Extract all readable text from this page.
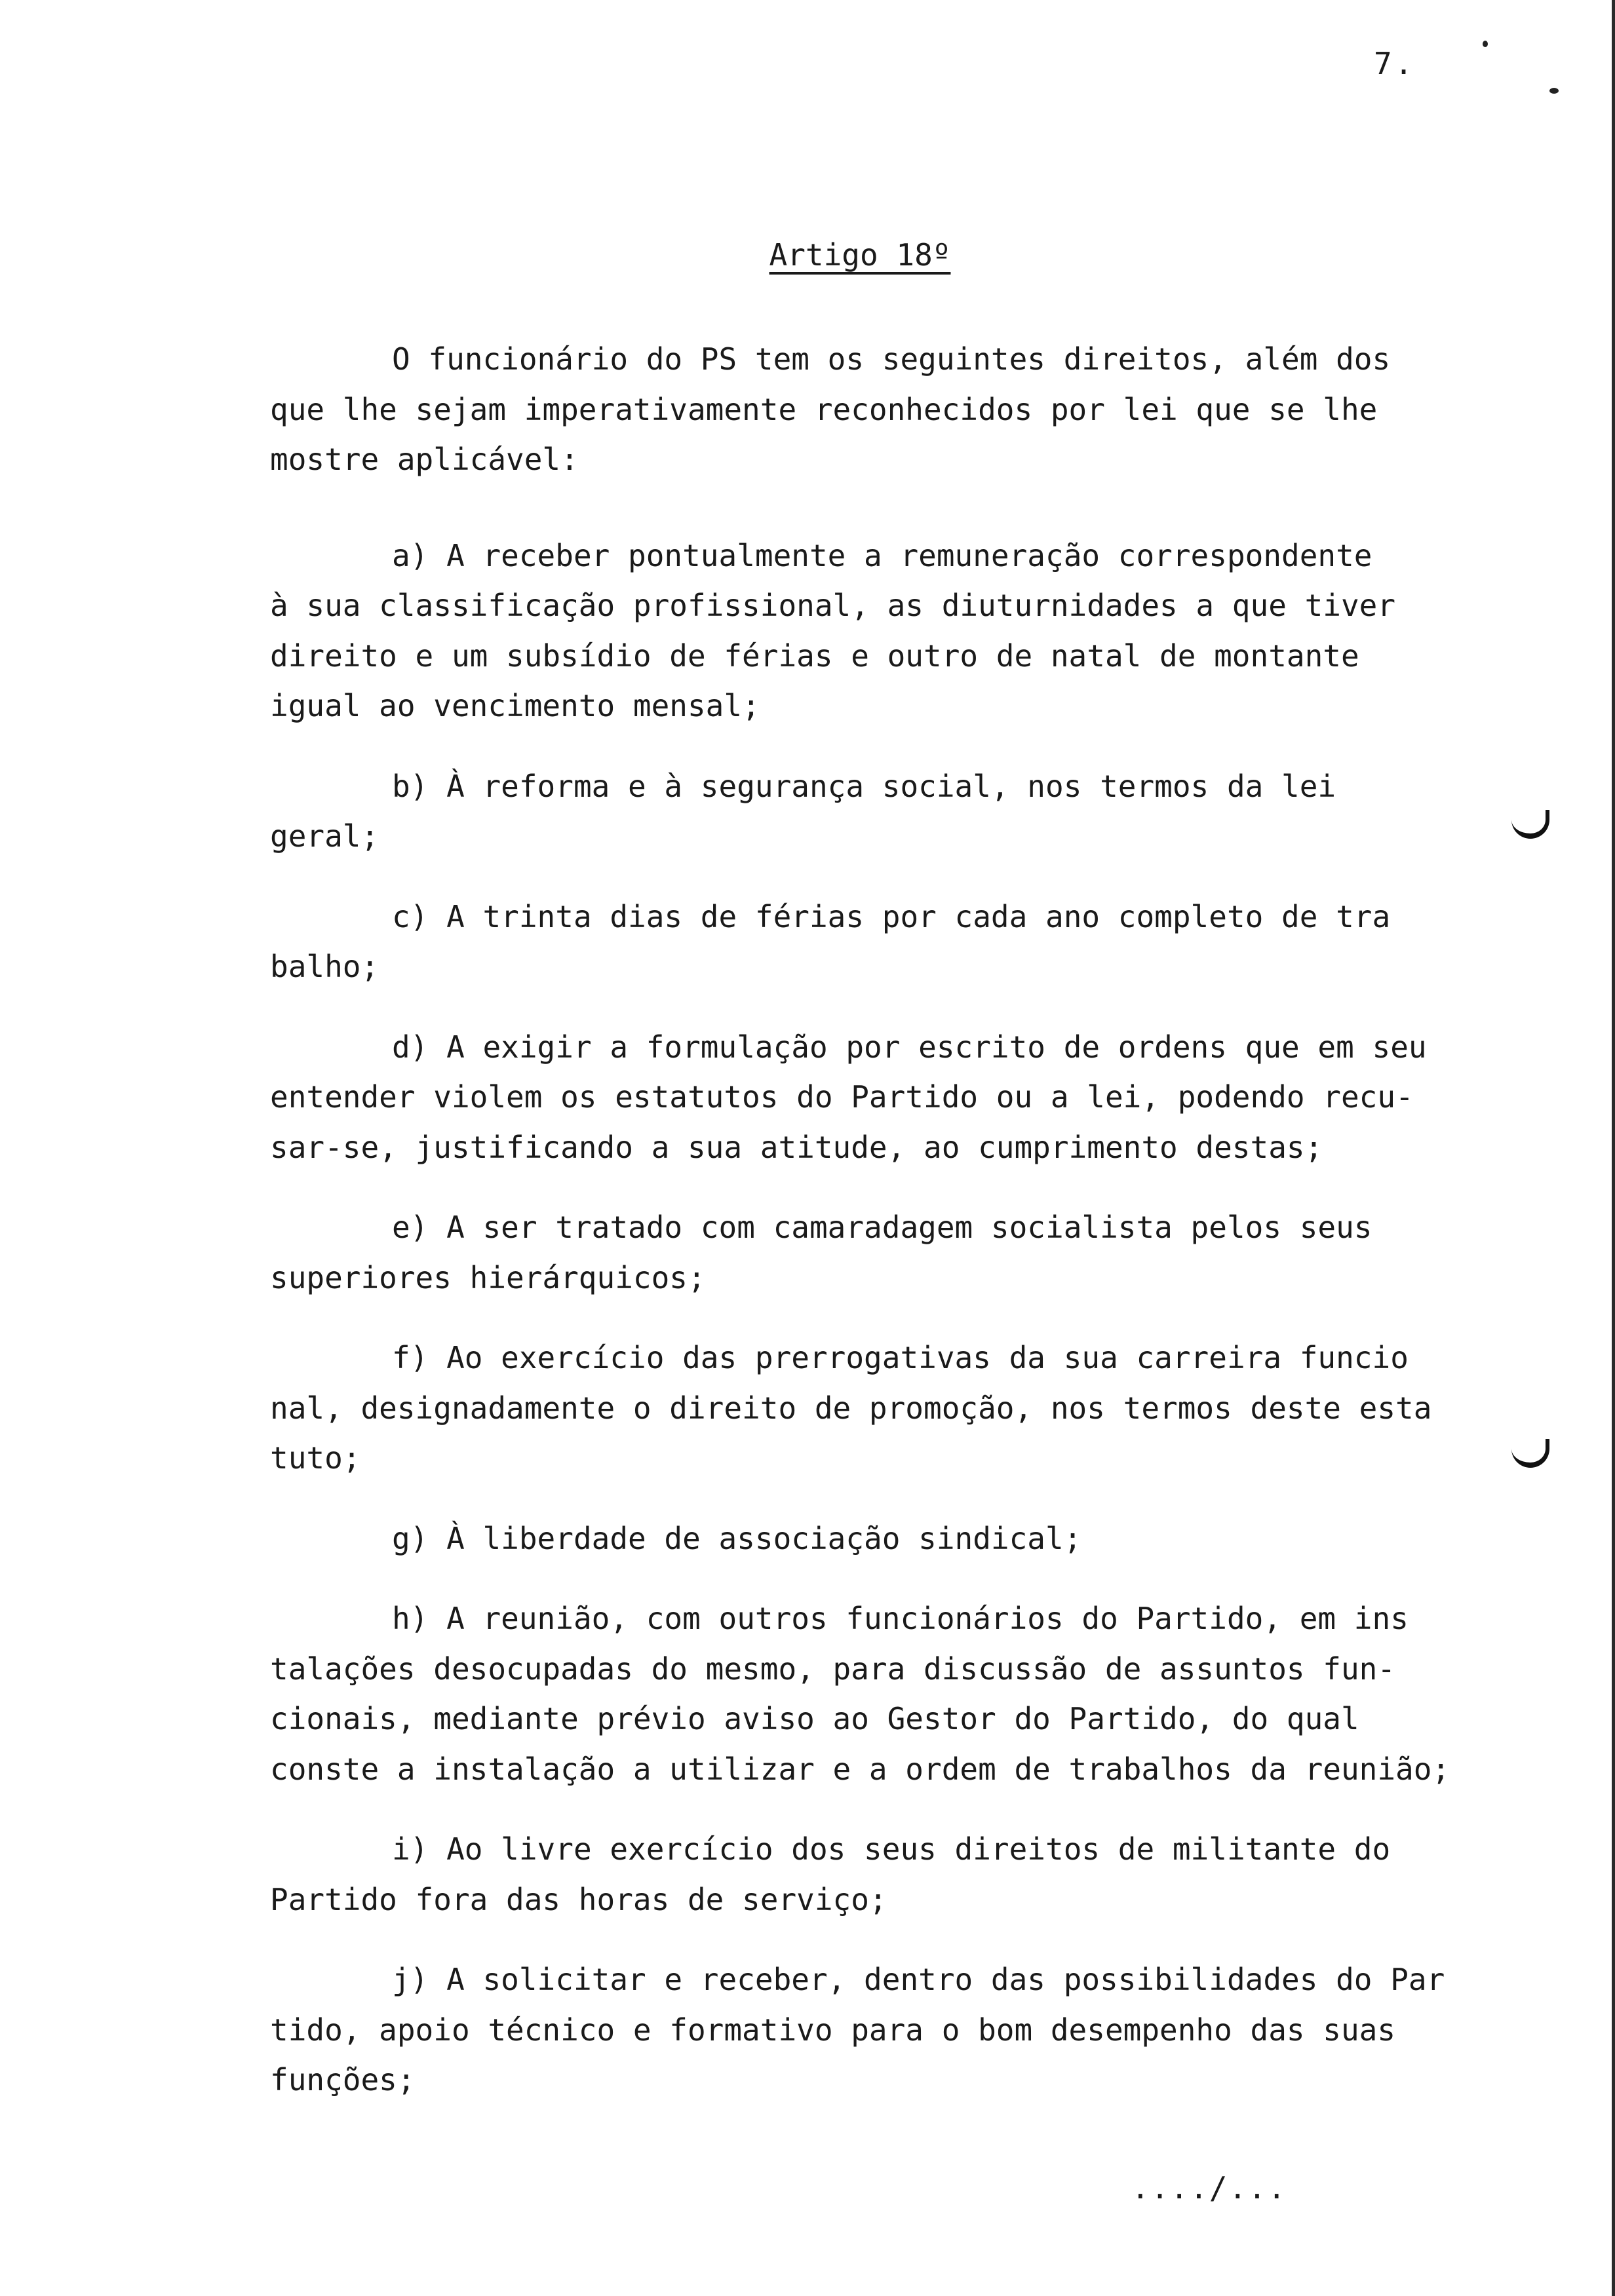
7.
Artigo 18º

O funcionário do PS tem os seguintes direitos, além dos
que lhe sejam imperativamente reconhecidos por lei que se lhe
mostre aplicável:

a) A receber pontualmente a remuneração correspondente
à sua classificação profissional, as diuturnidades a que tiver
direito e um subsídio de férias e outro de natal de montante
igual ao vencimento mensal;

b) À reforma e à segurança social, nos termos da lei
geral;

c) A trinta dias de férias por cada ano completo de tra
balho;

d) A exigir a formulação por escrito de ordens que em seu
entender violem os estatutos do Partido ou a lei, podendo recu-
sar-se, justificando a sua atitude, ao cumprimento destas;

e) A ser tratado com camaradagem socialista pelos seus
superiores hierárquicos;

f) Ao exercício das prerrogativas da sua carreira funcio
nal, designadamente o direito de promoção, nos termos deste esta
tuto;

g) À liberdade de associação sindical;

h) A reunião, com outros funcionários do Partido, em ins
talações desocupadas do mesmo, para discussão de assuntos fun-
cionais, mediante prévio aviso ao Gestor do Partido, do qual
conste a instalação a utilizar e a ordem de trabalhos da reunião;

i) Ao livre exercício dos seus direitos de militante do
Partido fora das horas de serviço;

j) A solicitar e receber, dentro das possibilidades do Par
tido, apoio técnico e formativo para o bom desempenho das suas
funções;

..../...
